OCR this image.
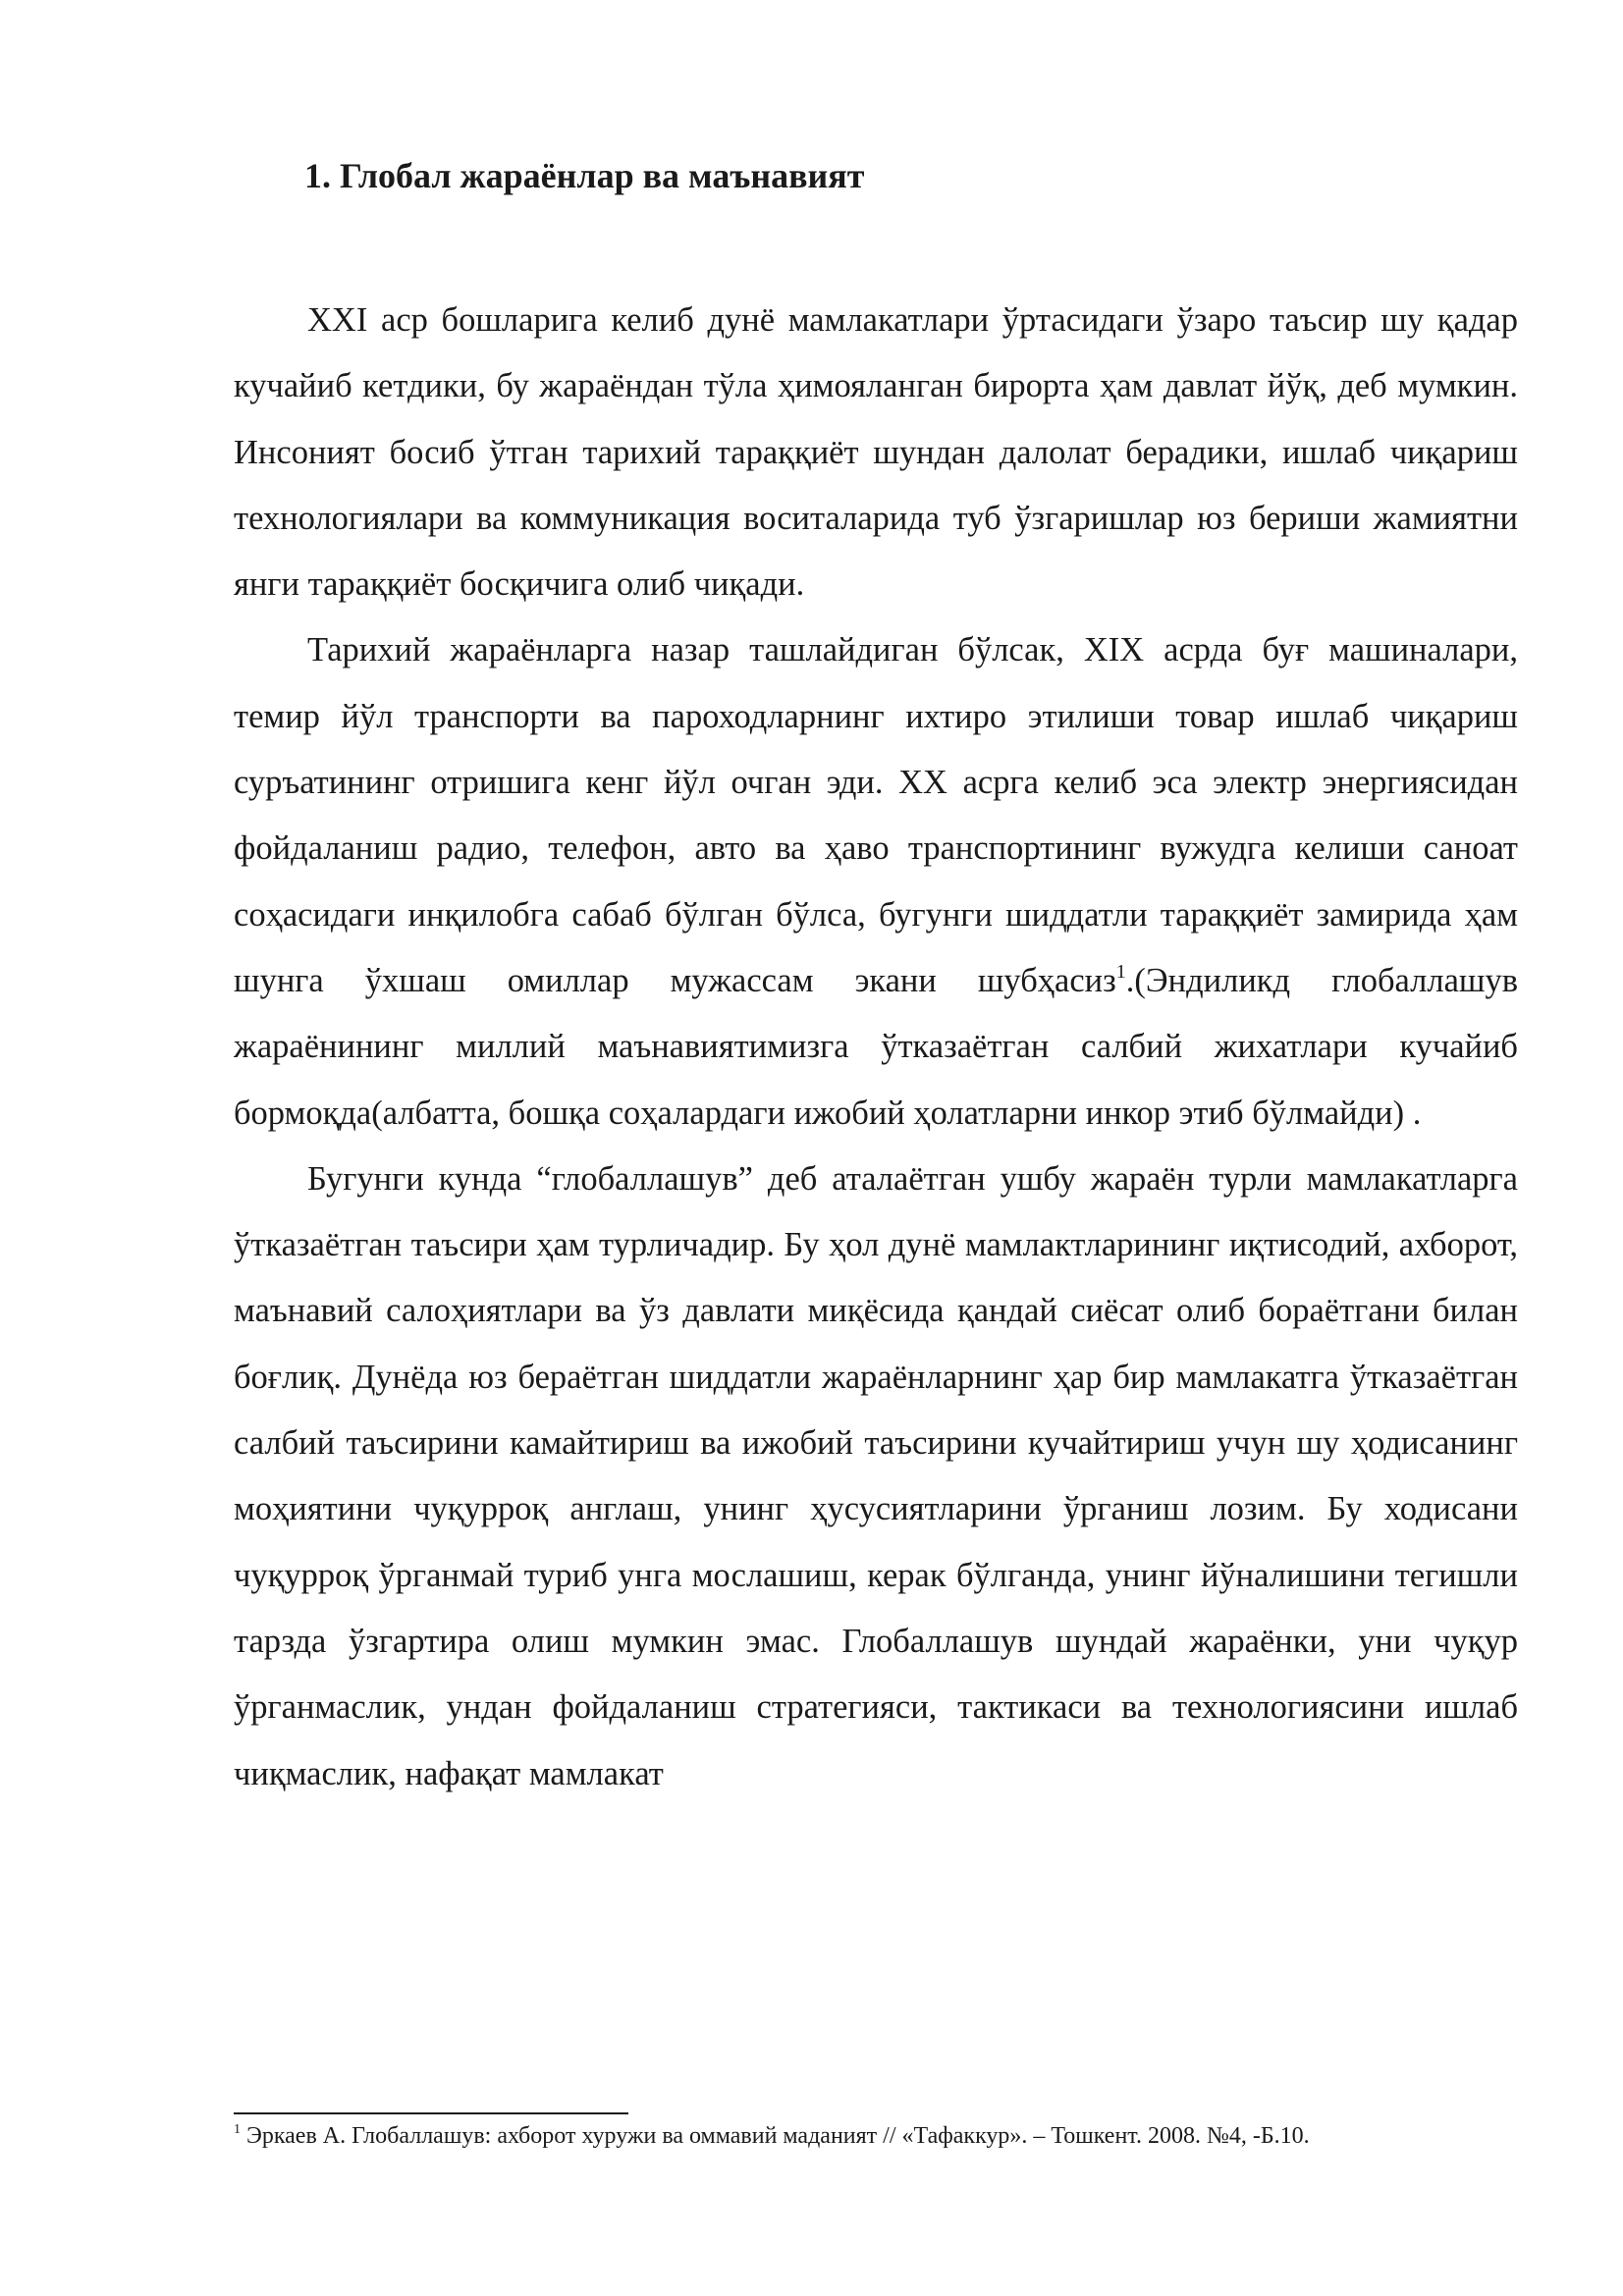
1. Глобал жараёнлар ва маънавият

XXI аср бошларига келиб дунё мамлакатлари ўртасидаги ўзаро таъсир шу қадар кучайиб кетдики, бу жараёндан тўла ҳимояланган бирорта ҳам давлат йўқ, деб мумкин. Инсоният босиб ўтган тарихий тараққиёт шундан далолат берадики, ишлаб чиқариш технологиялари ва коммуникация воситаларида туб ўзгаришлар юз бериши жамиятни янги тараққиёт босқичига олиб чиқади.

Тарихий жараёнларга назар ташлайдиган бўлсак, XIX асрда буғ машиналари, темир йўл транспорти ва пароходларнинг ихтиро этилиши товар ишлаб чиқариш суръатининг отришига кенг йўл очган эди. XX асрга келиб эса электр энергиясидан фойдаланиш радио, телефон, авто ва ҳаво транспортининг вужудга келиши саноат соҳасидаги инқилобга сабаб бўлган бўлса, бугунги шиддатли тараққиёт замирида ҳам шунга ўхшаш омиллар мужассам экани шубҳасиз$^1$.(Эндиликд глобаллашув жараёнининг миллий маънавиятимизга ўтказаётган салбий жихатлари кучайиб бормоқда(албатта, бошқа соҳалардаги ижобий ҳолатларни инкор этиб бўлмайди) .

Бугунги кунда “глобаллашув” деб аталаётган ушбу жараён турли мамлакатларга ўтказаётган таъсири ҳам турличадир. Бу ҳол дунё мамлактларининг иқтисодий, ахборот, маънавий салоҳиятлари ва ўз давлати миқёсида қандай сиёсат олиб бораётгани билан боғлиқ. Дунёда юз бераётган шиддатли жараёнларнинг ҳар бир мамлакатга ўтказаётган салбий таъсирини камайтириш ва ижобий таъсирини кучайтириш учун шу ҳодисанинг моҳиятини чуқурроқ англаш, унинг ҳусусиятларини ўрганиш лозим. Бу ходисани чуқурроқ ўрганмай туриб унга мослашиш, керак бўлганда, унинг йўналишини тегишли тарзда ўзгартира олиш мумкин эмас. Глобаллашув шундай жараёнки, уни чуқур ўрганмаслик, ундан фойдаланиш стратегияси, тактикаси ва технологиясини ишлаб чиқмаслик, нафақат мамлакат

$^1$ Эркаев А. Глобаллашув: ахборот хуружи ва оммавий маданият // «Тафаккур». – Тошкент. 2008. №4, -Б.10.
